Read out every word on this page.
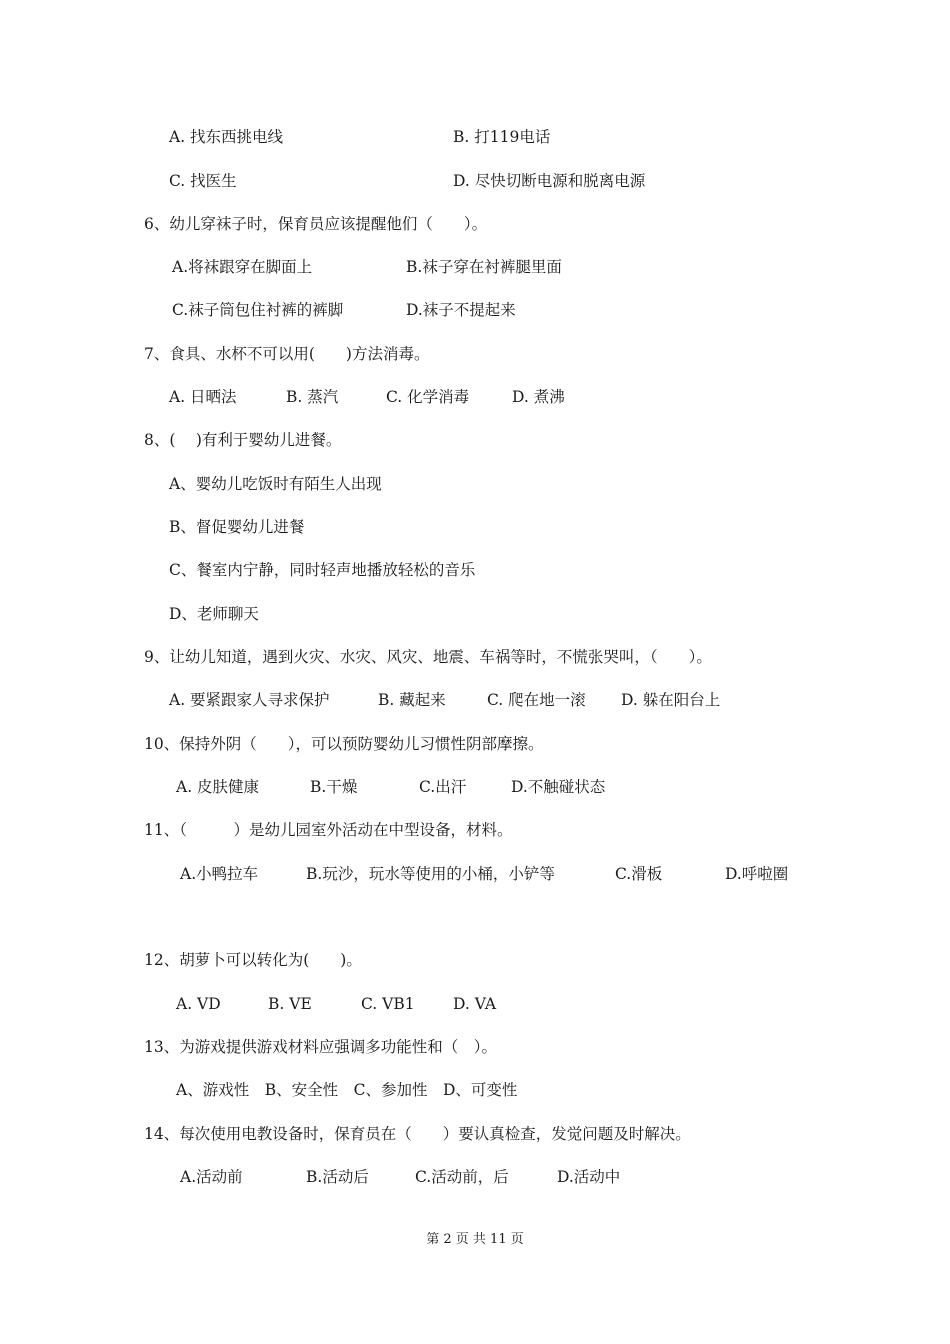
A. 找东西挑电线	B. 打119电话
C. 找医生	D. 尽快切断电源和脱离电源
6、幼儿穿袜子时，保育员应该提醒他们（　　）。
A.将袜跟穿在脚面上	B.袜子穿在衬裤腿里面
C.袜子筒包住衬裤的裤脚	D.袜子不提起来
7、食具、水杯不可以用(　　)方法消毒。
A. 日晒法	B. 蒸汽	C. 化学消毒	D. 煮沸
8、(　 )有利于婴幼儿进餐。
A、婴幼儿吃饭时有陌生人出现
B、督促婴幼儿进餐
C、餐室内宁静，同时轻声地播放轻松的音乐
D、老师聊天
9、让幼儿知道，遇到火灾、水灾、风灾、地震、车祸等时，不慌张哭叫，（　　）。
A. 要紧跟家人寻求保护	B. 藏起来	C. 爬在地一滚 D. 躲在阳台上
10、保持外阴（　　），可以预防婴幼儿习惯性阴部摩擦。
A. 皮肤健康	B.干燥	C.出汗	D.不触碰状态
11、（　　　）是幼儿园室外活动在中型设备，材料。
A.小鸭拉车	B.玩沙，玩水等使用的小桶，小铲等	C.滑板	D.呼啦圈
12、胡萝卜可以转化为(　　)。
A. VD	B. VE	C. VB1 D. VA
13、为游戏提供游戏材料应强调多功能性和（　）。
A、游戏性　B、安全性　C、参加性　D、可变性
14、每次使用电教设备时，保育员在（　　）要认真检查，发觉问题及时解决。
A.活动前	B.活动后	C.活动前，后	D.活动中
第 2 页 共 11 页
